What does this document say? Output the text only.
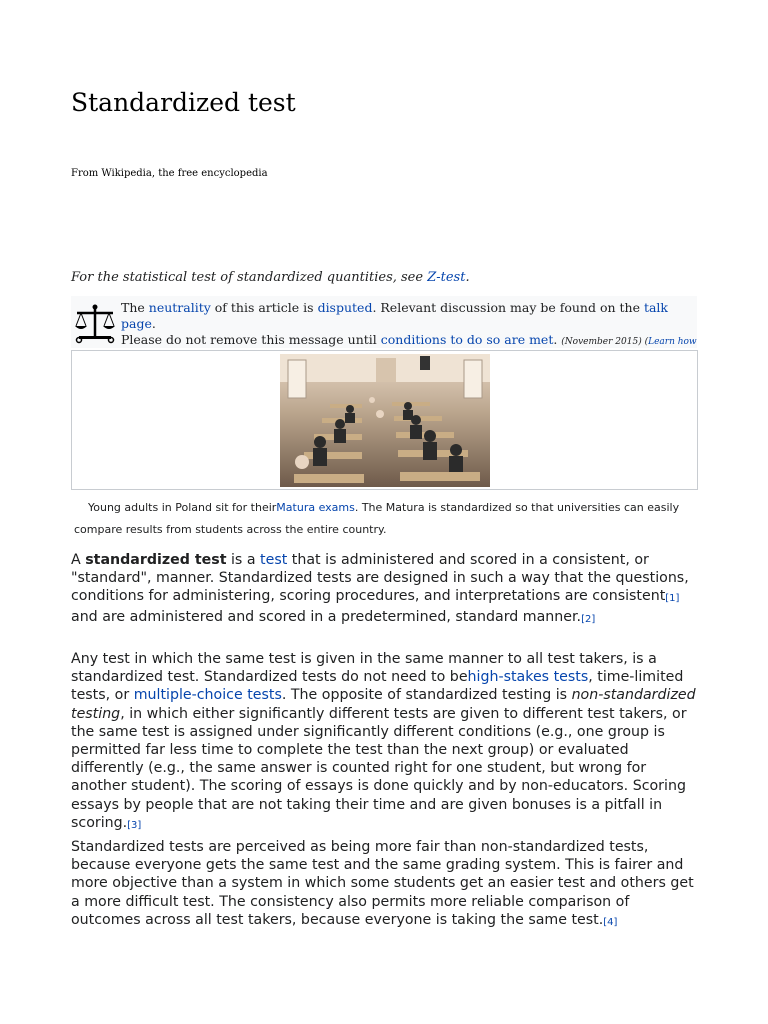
Standardized test
From Wikipedia, the free encyclopedia
For the statistical test of standardized quantities, see Z-test.
The neutrality of this article is disputed. Relevant discussion may be found on the talk page.
Please do not remove this message until conditions to do so are met. (November 2015) (Learn how
Young adults in Poland sit for theirMatura exams. The Matura is standardized so that universities can easily
compare results from students across the entire country.

A standardized test is a test that is administered and scored in a consistent, or "standard", manner. Standardized tests are designed in such a way that the questions, conditions for administering, scoring procedures, and interpretations are consistent[1] and are administered and scored in a predetermined, standard manner.[2]

Any test in which the same test is given in the same manner to all test takers, is a standardized test. Standardized tests do not need to behigh-stakes tests, time-limited tests, or multiple-choice tests. The opposite of standardized testing is non-standardized testing, in which either significantly different tests are given to different test takers, or the same test is assigned under significantly different conditions (e.g., one group is permitted far less time to complete the test than the next group) or evaluated differently (e.g., the same answer is counted right for one student, but wrong for another student). The scoring of essays is done quickly and by non-educators. Scoring essays by people that are not taking their time and are given bonuses is a pitfall in scoring.[3]

Standardized tests are perceived as being more fair than non-standardized tests, because everyone gets the same test and the same grading system. This is fairer and more objective than a system in which some students get an easier test and others get a more difficult test. The consistency also permits more reliable comparison of outcomes across all test takers, because everyone is taking the same test.[4]
